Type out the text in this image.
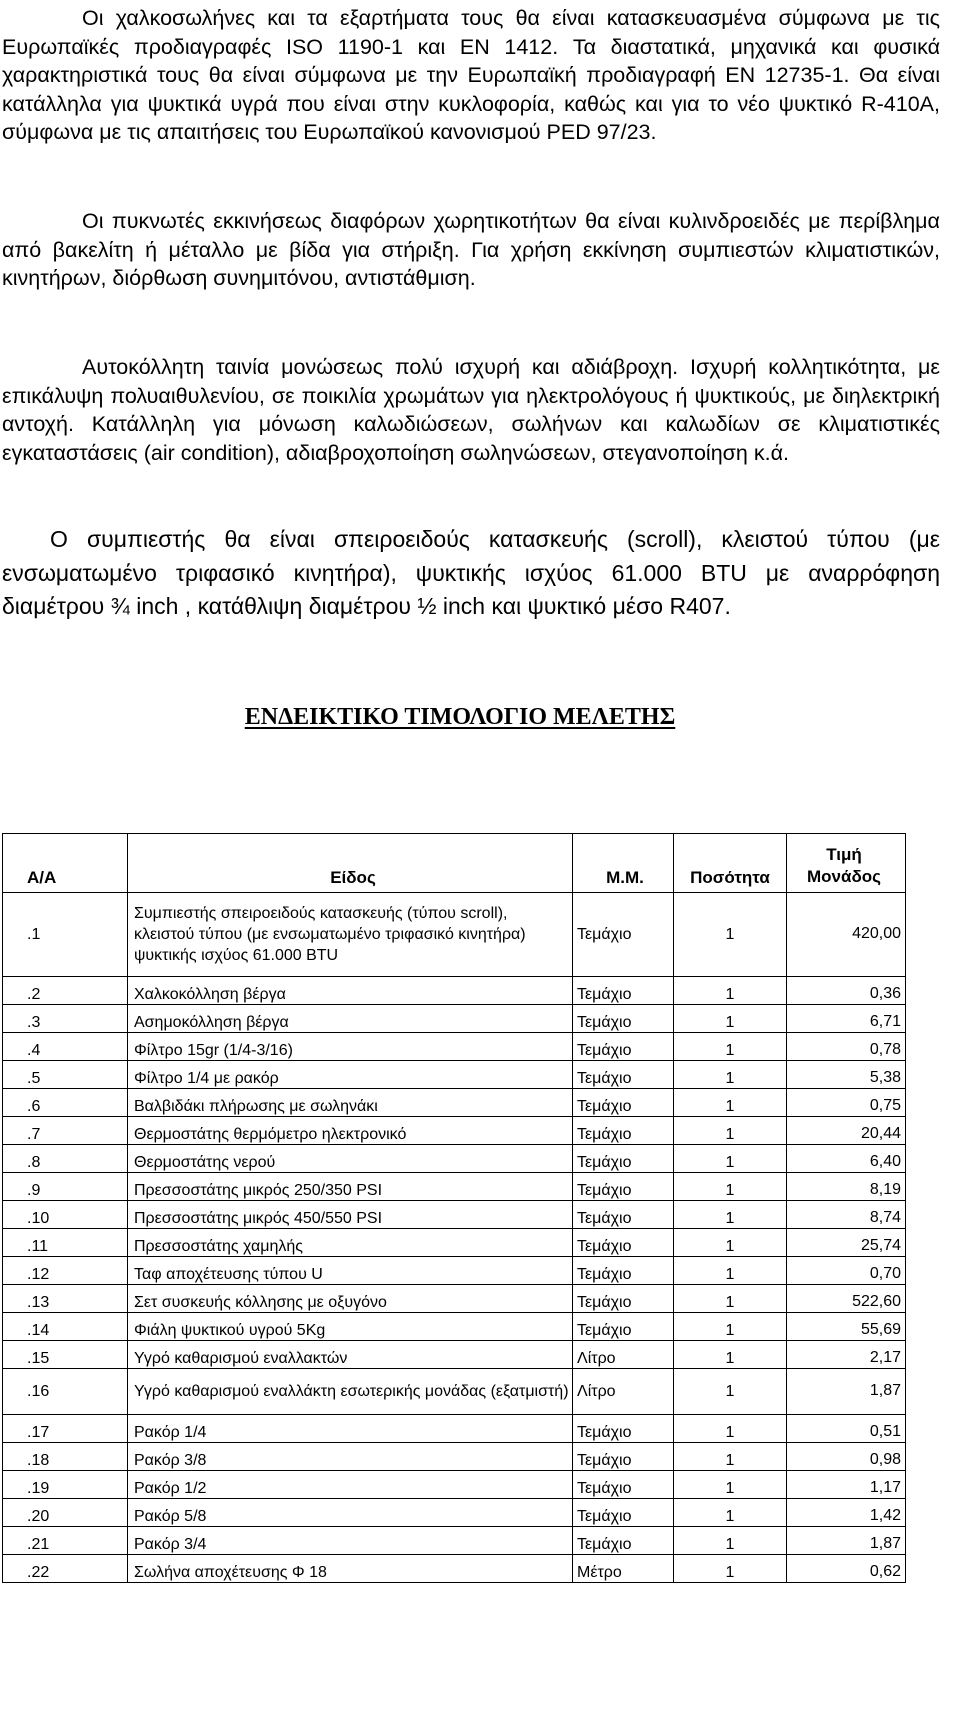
Οι χαλκοσωλήνες και τα εξαρτήματα τους θα είναι κατασκευασμένα σύμφωνα με τις Ευρωπαϊκές προδιαγραφές ISO 1190-1 και EN 1412. Τα διαστατικά, μηχανικά και φυσικά χαρακτηριστικά τους θα είναι σύμφωνα με την Ευρωπαϊκή προδιαγραφή EN 12735-1. Θα είναι κατάλληλα για ψυκτικά υγρά που είναι στην κυκλοφορία, καθώς και για το νέο ψυκτικό R-410A, σύμφωνα με τις απαιτήσεις του Ευρωπαϊκού κανονισμού PED 97/23.

Οι πυκνωτές εκκινήσεως διαφόρων χωρητικοτήτων θα είναι κυλινδροειδές με περίβλημα από βακελίτη ή μέταλλο με βίδα για στήριξη. Για χρήση εκκίνηση συμπιεστών κλιματιστικών, κινητήρων, διόρθωση συνημιτόνου, αντιστάθμιση.

Αυτοκόλλητη ταινία μονώσεως πολύ ισχυρή και αδιάβροχη. Ισχυρή κολλητικότητα, με επικάλυψη πολυαιθυλενίου, σε ποικιλία χρωμάτων για ηλεκτρολόγους ή ψυκτικούς, με διηλεκτρική αντοχή. Κατάλληλη για μόνωση καλωδιώσεων, σωλήνων και καλωδίων σε κλιματιστικές εγκαταστάσεις (air condition), αδιαβροχοποίηση σωληνώσεων, στεγανοποίηση κ.ά.

Ο συμπιεστής θα είναι σπειροειδούς κατασκευής (scroll), κλειστού τύπου (με ενσωματωμένο τριφασικό κινητήρα), ψυκτικής ισχύος 61.000 BTU με αναρρόφηση διαμέτρου ¾ inch , κατάθλιψη διαμέτρου ½ inch και ψυκτικό μέσο R407.

ΕΝΔΕΙΚΤΙΚΟ ΤΙΜΟΛΟΓΙΟ ΜΕΛΕΤΗΣ
Α/Α	Είδος	Μ.Μ.	Ποσότητα	Τιμή Μονάδος
.1	Συμπιεστής σπειροειδούς κατασκευής (τύπου scroll), κλειστού τύπου (με ενσωματωμένο τριφασικό κινητήρα) ψυκτικής ισχύος 61.000 BTU	Τεμάχιο	1	420,00
.2	Χαλκοκόλληση βέργα	Τεμάχιο	1	0,36
.3	Ασημοκόλληση βέργα	Τεμάχιο	1	6,71
.4	Φίλτρο 15gr (1/4-3/16)	Τεμάχιο	1	0,78
.5	Φίλτρο 1/4 με ρακόρ	Τεμάχιο	1	5,38
.6	Βαλβιδάκι πλήρωσης με σωληνάκι	Τεμάχιο	1	0,75
.7	Θερμοστάτης θερμόμετρο ηλεκτρονικό	Τεμάχιο	1	20,44
.8	Θερμοστάτης νερού	Τεμάχιο	1	6,40
.9	Πρεσσοστάτης μικρός 250/350 PSI	Τεμάχιο	1	8,19
.10	Πρεσσοστάτης μικρός 450/550 PSI	Τεμάχιο	1	8,74
.11	Πρεσσοστάτης χαμηλής	Τεμάχιο	1	25,74
.12	Ταφ αποχέτευσης τύπου U	Τεμάχιο	1	0,70
.13	Σετ συσκευής κόλλησης με οξυγόνο	Τεμάχιο	1	522,60
.14	Φιάλη ψυκτικού υγρού 5Kg	Τεμάχιο	1	55,69
.15	Υγρό καθαρισμού εναλλακτών	Λίτρο	1	2,17
.16	Υγρό καθαρισμού εναλλάκτη εσωτερικής μονάδας (εξατμιστή)	Λίτρο	1	1,87
.17	Ρακόρ 1/4	Τεμάχιο	1	0,51
.18	Ρακόρ 3/8	Τεμάχιο	1	0,98
.19	Ρακόρ 1/2	Τεμάχιο	1	1,17
.20	Ρακόρ 5/8	Τεμάχιο	1	1,42
.21	Ρακόρ 3/4	Τεμάχιο	1	1,87
.22	Σωλήνα αποχέτευσης Φ 18	Μέτρο	1	0,62
